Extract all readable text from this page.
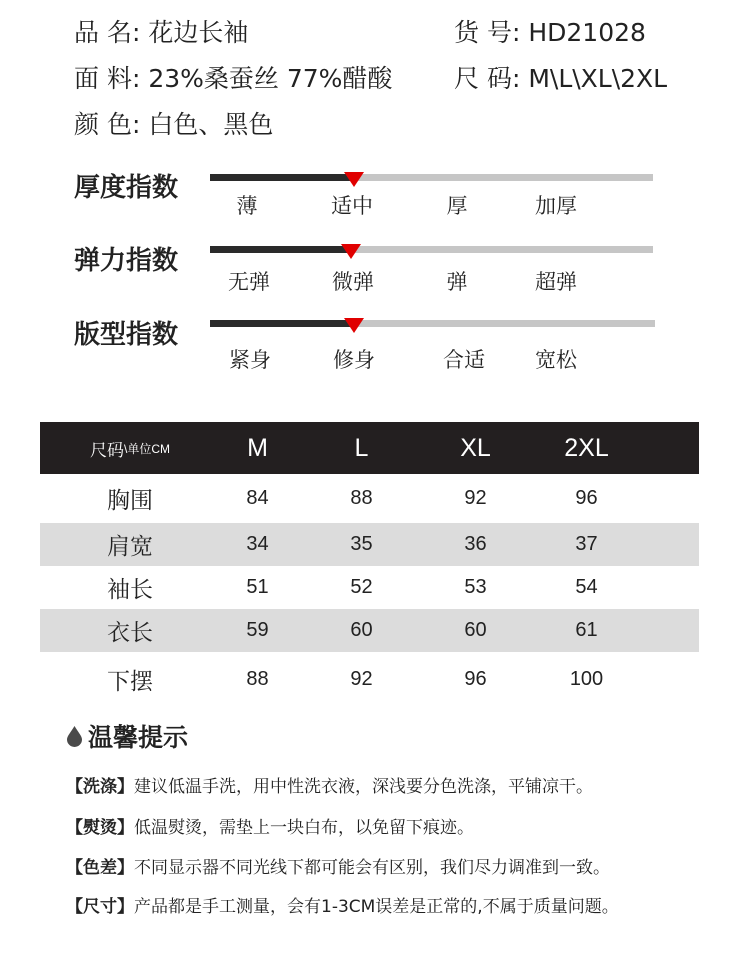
品 名: 花边长袖	货 号: HD21028
面 料: 23%桑蚕丝 77%醋酸 尺 码: M\L\XL\2XL
颜 色: 白色、黑色
厚度指数
薄	适中	厚	加厚
弹力指数
无弹	微弹	弹	超弹
版型指数
紧身	修身	合适 宽松
尺码 \单位CM	M	L	XL	2XL
胸围	84	88	92	96
肩宽	34	35	36	37
袖长	51	52	53	54
衣长	59	60	60	61
下摆	88	92	96	100
温馨提示
【洗涤】建议低温手洗，用中性洗衣液，深浅要分色洗涤，平铺凉干。
【熨烫】低温熨烫，需垫上一块白布，以免留下痕迹。
【色差】不同显示器不同光线下都可能会有区别，我们尽力调准到一致。
【尺寸】产品都是手工测量，会有1-3CM误差是正常的,不属于质量问题。
